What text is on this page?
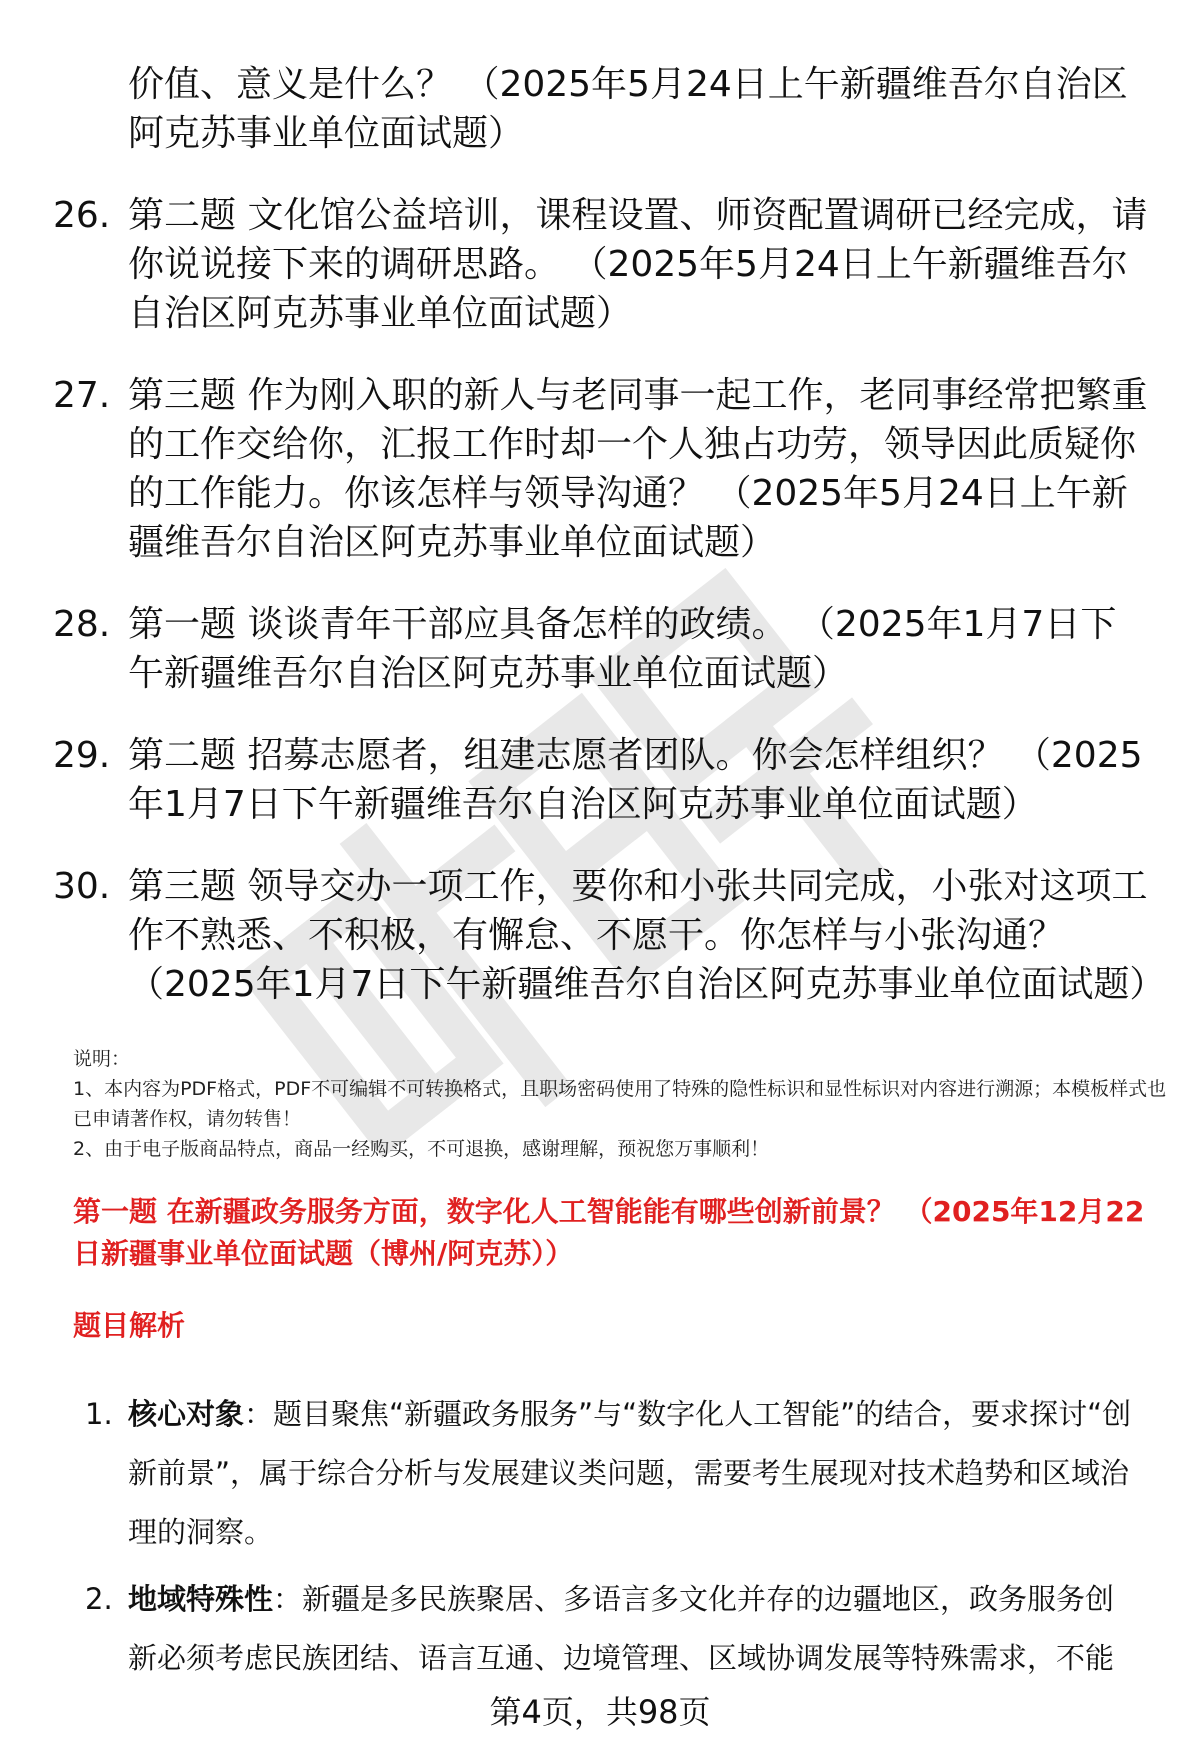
价值、意义是什么？ （2025年5月24日上午新疆维吾尔自治区阿克苏事业单位面试题）
26. 第二题 文化馆公益培训，课程设置、师资配置调研已经完成，请你说说接下来的调研思路。 （2025年5月24日上午新疆维吾尔自治区阿克苏事业单位面试题）
27. 第三题 作为刚入职的新人与老同事一起工作，老同事经常把繁重的工作交给你，汇报工作时却一个人独占功劳，领导因此质疑你的工作能力。你该怎样与领导沟通？ （2025年5月24日上午新疆维吾尔自治区阿克苏事业单位面试题）
28. 第一题 谈谈青年干部应具备怎样的政绩。 （2025年1月7日下午新疆维吾尔自治区阿克苏事业单位面试题）
29. 第二题 招募志愿者，组建志愿者团队。你会怎样组织？ （2025年1月7日下午新疆维吾尔自治区阿克苏事业单位面试题）
30. 第三题 领导交办一项工作，要你和小张共同完成，小张对这项工作不熟悉、不积极，有懈怠、不愿干。你怎样与小张沟通？ （2025年1月7日下午新疆维吾尔自治区阿克苏事业单位面试题）
说明：
1、本内容为PDF格式，PDF不可编辑不可转换格式，且职场密码使用了特殊的隐性标识和显性标识对内容进行溯源；本模板样式也已申请著作权，请勿转售！
2、由于电子版商品特点，商品一经购买，不可退换，感谢理解，预祝您万事顺利！
第一题 在新疆政务服务方面，数字化人工智能能有哪些创新前景？ （2025年12月22日新疆事业单位面试题（博州/阿克苏））
题目解析
1. 核心对象：题目聚焦“新疆政务服务”与“数字化人工智能”的结合，要求探讨“创新前景”，属于综合分析与发展建议类问题，需要考生展现对技术趋势和区域治理的洞察。
2. 地域特殊性：新疆是多民族聚居、多语言多文化并存的边疆地区，政务服务创新必须考虑民族团结、语言互通、边境管理、区域协调发展等特殊需求，不能
第4页，共98页
